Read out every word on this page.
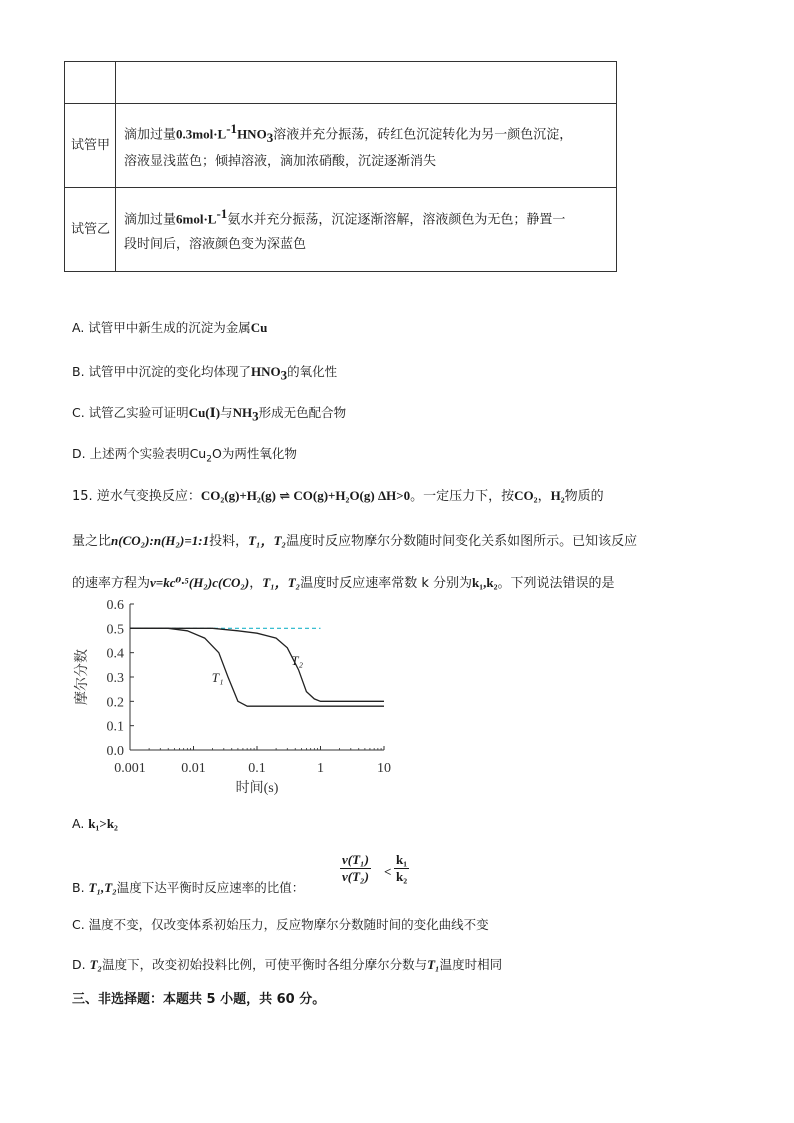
试管甲	滴加过量$0.3mol\cdot L^{-1}HNO_3$溶液并充分振荡，砖红色沉淀转化为另一颜色沉淀，
溶液显浅蓝色；倾掉溶液，滴加浓硝酸，沉淀逐渐消失
试管乙	滴加过量$6mol\cdot L^{-1}$氨水并充分振荡，沉淀逐渐溶解，溶液颜色为无色；静置一
段时间后，溶液颜色变为深蓝色
A. 试管甲中新生成的沉淀为金属Cu
B. 试管甲中沉淀的变化均体现了$HNO_3$的氧化性
C. 试管乙实验可证明Cu(Ⅰ)与$NH_3$形成无色配合物
D. 上述两个实验表明$Cu_2O$为两性氧化物
15. 逆水气变换反应：CO₂(g)+H₂(g) ⇌ CO(g)+H₂O(g) ΔH>0。一定压力下，按CO₂，H₂物质的
量之比n(CO₂):n(H₂)=1:1投料，T₁，T₂温度时反应物摩尔分数随时间变化关系如图所示。已知该反应
的速率方程为v=kc⁰·⁵(H₂)c(CO₂)，T₁，T₂温度时反应速率常数 k 分别为k₁,k₂。下列说法错误的是
0.0
0.1
0.2
0.3
0.4
0.5
0.6
0.001	0.01	0.1	1	10
T₁
T₂
时间(s)
摩尔分数
A. k₁>k₂
B. T₁,T₂温度下达平衡时反应速率的比值：
v(T₁)
v(T₂) <
k₁
k₂
C. 温度不变，仅改变体系初始压力，反应物摩尔分数随时间的变化曲线不变
D. T₂温度下，改变初始投料比例，可使平衡时各组分摩尔分数与T₁温度时相同
三、非选择题：本题共 5 小题，共 60 分。
